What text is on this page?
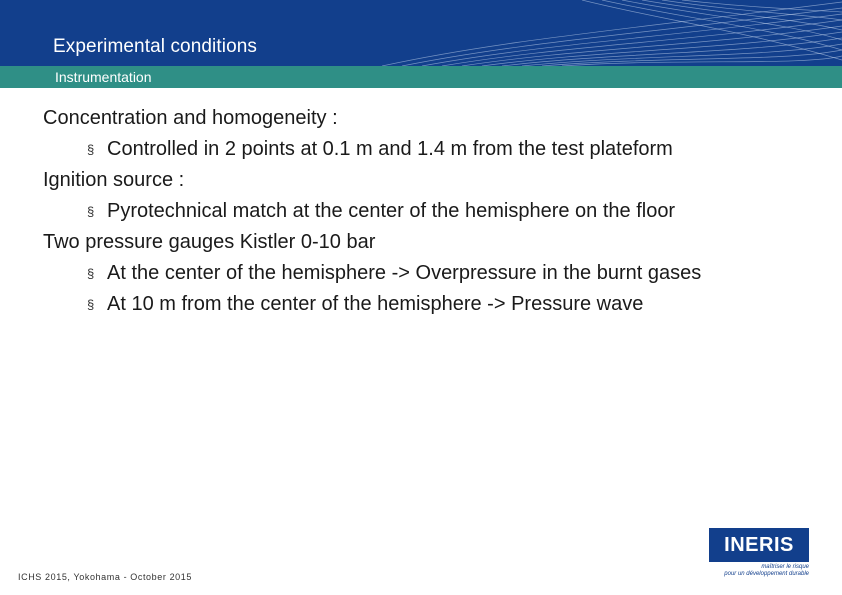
Experimental conditions
Instrumentation

Concentration and homogeneity :

§ Controlled in 2 points at 0.1 m and 1.4 m from the test plateform

Ignition source :

§ Pyrotechnical match at the center of the hemisphere on the floor

Two pressure gauges Kistler 0-10 bar

§ At the center of the hemisphere -> Overpressure in the burnt gases
§ At 10 m from the center of the hemisphere -> Pressure wave
ICHS 2015, Yokohama - October 2015
INERIS
maîtriser le risque
pour un développement durable
